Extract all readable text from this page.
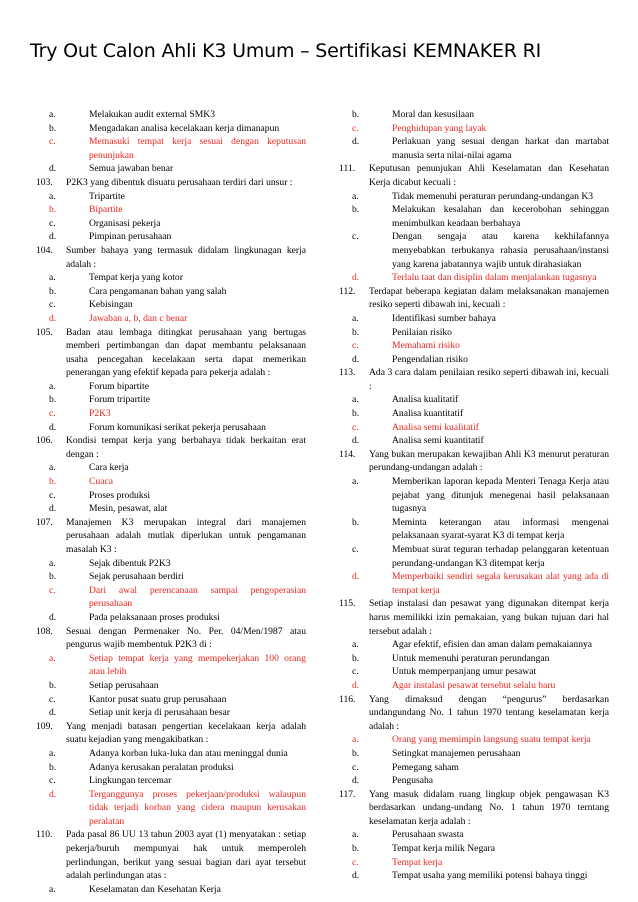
Try Out Calon Ahli K3 Umum – Sertifikasi KEMNAKER RI
a.	Melakukan audit external SMK3
b.	Mengadakan analisa kecelakaan kerja dimanapun
c.	Memasuki tempat kerja sesuai dengan keputusan penunjukan
d.	Semua jawaban benar
103.	P2K3 yang dibentuk disuatu perusahaan terdiri dari unsur :
a.	Tripartite
b.	Bipartite
c.	Organisasi pekerja
d.	Pimpinan perusahaan
104.	Sumber bahaya yang termasuk didalam lingkunagan kerja adalah :
a.	Tempat kerja yang kotor
b.	Cara pengamanan bahan yang salah
c.	Kebisingan
d.	Jawaban a, b, dan c benar
105.	Badan atau lembaga ditingkat perusahaan yang bertugas memberi pertimbangan dan dapat membantu pelaksanaan usaha pencegahan kecelakaan serta dapat memerikan penerangan yang efektif kepada para pekerja adalah :
a.	Forum bipartite
b.	Forum tripartite
c.	P2K3
d.	Forum komunikasi serikat pekerja perusahaan
106.	Kondisi tempat kerja yang berbahaya tidak berkaitan erat dengan :
a.	Cara kerja
b.	Cuaca
c.	Proses produksi
d.	Mesin, pesawat, alat
107.	Manajemen K3 merupakan integral dari manajemen perusahaan adalah mutlak diperlukan untuk pengamanan masalah K3 :
a.	Sejak dibentuk P2K3
b.	Sejak perusahaan berdiri
c.	Dari awal perencanaan sampai pengoperasian perusahaan
d.	Pada pelaksanaan proses produksi
108.	Sesuai dengan Permenaker No. Per. 04/Men/1987 atau pengurus wajib membentuk P2K3 di :
a.	Setiap tempat kerja yang mempekerjakan 100 orang atau lebih
b.	Setiap perusahaan
c.	Kantor pusat suatu grup perusahaan
d.	Setiap unit kerja di perusahaan besar
109.	Yang menjadi batasan pengertian kecelakaan kerja adalah suatu kejadian yang mengakibatkan :
a.	Adanya korban luka-luka dan atau meninggal dunia
b.	Adanya kerusakan peralatan produksi
c.	Lingkungan tercemar
d.	Terganggunya proses pekerjaan/produksi walaupun tidak terjadi korban yang cidera maupun kerusakan peralatan
110.	Pada pasal 86 UU 13 tahun 2003 ayat (1) menyatakan : setiap pekerja/buruh mempunyai hak untuk memperoleh perlindungan, berikut yang sesuai bagian dari ayat tersebut adalah perlindungan atas :
a.	Keselamatan dan Kesehatan Kerja
b.	Moral dan kesusilaan
c.	Penghidupan yang layak
d.	Perlakuan yang sesuai dengan harkat dan martabat manusia serta nilai-nilai agama
111.	Keputusan penunjukan Ahli Keselamatan dan Kesehatan Kerja dicabut kecuali :
a.	Tidak memenuhi peraturan perundang-undangan K3
b.	Melakukan kesalahan dan kecerobohan sehinggan menimbulkan keadaan berbahaya
c.	Dengan sengaja atau karena kekhilafannya menyebabkan terbukanya rahasia perusahaan/instansi yang karena jabatannya wajib untuk dirahasiakan
d.	Terlalu taat dan disiplin dalam menjalankan tugasnya
112.	Terdapat beberapa kegiatan dalam melaksanakan manajemen resiko seperti dibawah ini, kecuali :
a.	Identifikasi sumber bahaya
b.	Penilaian risiko
c.	Memahami risiko
d.	Pengendalian risiko
113.	Ada 3 cara dalam penilaian resiko seperti dibawah ini, kecuali :
a.	Analisa kualitatif
b.	Analisa kuantitatif
c.	Analisa semi kualitatif
d.	Analisa semi kuantitatif
114.	Yang bukan merupakan kewajiban Ahli K3 menurut peraturan perundang-undangan adalah :
a.	Memberikan laporan kepada Menteri Tenaga Kerja atau pejabat yang ditunjuk menegenai hasil pelaksanaan tugasnya
b.	Meminta keterangan atau informasi mengenai pelaksanaan syarat-syarat K3 di tempat kerja
c.	Membuat surat teguran terhadap pelanggaran ketentuan perundang-undangan K3 ditempat kerja
d.	Memperbaiki sendiri segala kerusakan alat yang ada di tempat kerja
115.	Setiap instalasi dan pesawat yang digunakan ditempat kerja harus memilikki izin pemakaian, yang bukan tujuan dari hal tersebut adalah :
a.	Agar efektif, efisien dan aman dalam pemakaiannya
b.	Untuk memenuhi peraturan perundangan
c.	Untuk memperpanjang umur pesawat
d.	Agar instalasi pesawat tersebut selalu baru
116.	Yang dimaksud dengan “pengurus” berdasarkan undangundang No. 1 tahun 1970 tentang keselamatan kerja adalah :
a.	Orang yang memimpin langsung suatu tempat kerja
b.	Setingkat manajemen perusahaan
c.	Pemegang saham
d.	Pengusaha
117.	Yang masuk didalam ruang lingkup objek pengawasan K3 berdasarkan undang-undang No. 1 tahun 1970 terntang keselamatan kerja adalah :
a.	Perusahaan swasta
b.	Tempat kerja milik Negara
c.	Tempat kerja
d.	Tempat usaha yang memiliki potensi bahaya tinggi
